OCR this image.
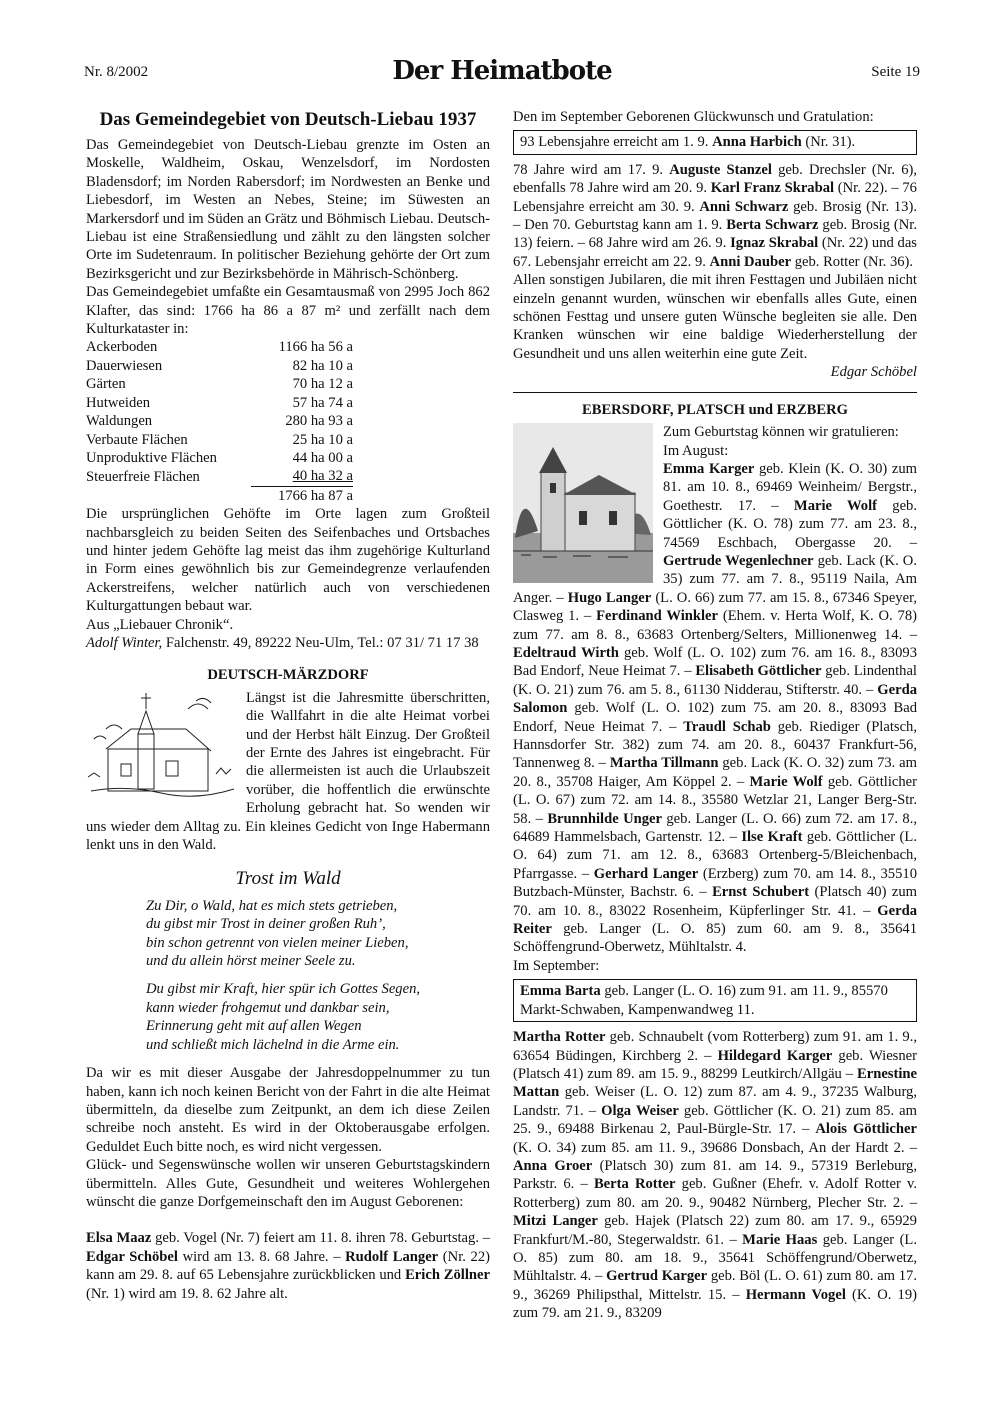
Nr. 8/2002	Der Heimatbote	Seite 19
Das Gemeindegebiet von Deutsch-Liebau 1937

Das Gemeindegebiet von Deutsch-Liebau grenzte im Osten an Moskelle, Waldheim, Oskau, Wenzelsdorf, im Nordosten Bladensdorf; im Norden Rabersdorf; im Nordwesten an Benke und Liebesdorf, im Westen an Nebes, Steine; im Süwesten an Markersdorf und im Süden an Grätz und Böhmisch Liebau. Deutsch-Liebau ist eine Straßensiedlung und zählt zu den längsten solcher Orte im Sudetenraum. In politischer Beziehung gehörte der Ort zum Bezirksgericht und zur Bezirksbehörde in Mährisch-Schönberg.

Das Gemeindegebiet umfaßte ein Gesamtausmaß von 2995 Joch 862 Klafter, das sind: 1766 ha 86 a 87 m² und zerfällt nach dem Kulturkataster in:

Ackerboden	1166 ha 56 a
Dauerwiesen	82 ha 10 a
Gärten	70 ha 12 a
Hutweiden	57 ha 74 a
Waldungen	280 ha 93 a
Verbaute Flächen	25 ha 10 a
Unproduktive Flächen	44 ha 00 a
Steuerfreie Flächen	40 ha 32 a
	1766 ha 87 a

Die ursprünglichen Gehöfte im Orte lagen zum Großteil nachbarsgleich zu beiden Seiten des Seifenbaches und Ortsbaches und hinter jedem Gehöfte lag meist das ihm zugehörige Kulturland in Form eines gewöhnlich bis zur Gemeindegrenze verlaufenden Ackerstreifens, welcher natürlich auch von verschiedenen Kulturgattungen bebaut war.

Aus „Liebauer Chronik“.

Adolf Winter, Falchenstr. 49, 89222 Neu-Ulm, Tel.: 07 31/ 71 17 38

DEUTSCH-MÄRZDORF
Längst ist die Jahresmitte überschritten, die Wallfahrt in die alte Heimat vorbei und der Herbst hält Einzug. Der Großteil der Ernte des Jahres ist eingebracht. Für die allermeisten ist auch die Urlaubszeit vorüber, die hoffentlich die erwünschte Erholung gebracht hat. So wenden wir uns wieder dem Alltag zu. Ein kleines Gedicht von Inge Habermann lenkt uns in den Wald.
Trost im Wald
Zu Dir, o Wald, hat es mich stets getrieben,
du gibst mir Trost in deiner großen Ruh’,
bin schon getrennt von vielen meiner Lieben,
und du allein hörst meiner Seele zu.
Du gibst mir Kraft, hier spür ich Gottes Segen,
kann wieder frohgemut und dankbar sein,
Erinnerung geht mit auf allen Wegen
und schließt mich lächelnd in die Arme ein.

Da wir es mit dieser Ausgabe der Jahresdoppelnummer zu tun haben, kann ich noch keinen Bericht von der Fahrt in die alte Heimat übermitteln, da dieselbe zum Zeitpunkt, an dem ich diese Zeilen schreibe noch ansteht. Es wird in der Oktoberausgabe erfolgen. Geduldet Euch bitte noch, es wird nicht vergessen.

Glück- und Segenswünsche wollen wir unseren Geburtstagskindern übermitteln. Alles Gute, Gesundheit und weiteres Wohlergehen wünscht die ganze Dorfgemeinschaft den im August Geborenen:

Elsa Maaz geb. Vogel (Nr. 7) feiert am 11. 8. ihren 78. Geburtstag. – Edgar Schöbel wird am 13. 8. 68 Jahre. – Rudolf Langer (Nr. 22) kann am 29. 8. auf 65 Lebensjahre zurückblicken und Erich Zöllner (Nr. 1) wird am 19. 8. 62 Jahre alt.

Den im September Geborenen Glückwunsch und Gratulation:

93 Lebensjahre erreicht am 1. 9. Anna Harbich (Nr. 31).

78 Jahre wird am 17. 9. Auguste Stanzel geb. Drechsler (Nr. 6), ebenfalls 78 Jahre wird am 20. 9. Karl Franz Skrabal (Nr. 22). – 76 Lebensjahre erreicht am 30. 9. Anni Schwarz geb. Brosig (Nr. 13). – Den 70. Geburtstag kann am 1. 9. Berta Schwarz geb. Brosig (Nr. 13) feiern. – 68 Jahre wird am 26. 9. Ignaz Skrabal (Nr. 22) und das 67. Lebensjahr erreicht am 22. 9. Anni Dauber geb. Rotter (Nr. 36).

Allen sonstigen Jubilaren, die mit ihren Festtagen und Jubiläen nicht einzeln genannt wurden, wünschen wir ebenfalls alles Gute, einen schönen Festtag und unsere guten Wünsche begleiten sie alle. Den Kranken wünschen wir eine baldige Wiederherstellung der Gesundheit und uns allen weiterhin eine gute Zeit.

Edgar Schöbel

EBERSDORF, PLATSCH und ERZBERG
Zum Geburtstag können wir gratulieren:
Im August:
Emma Karger geb. Klein (K. O. 30) zum 81. am 10. 8., 69469 Weinheim/ Bergstr., Goethestr. 17. – Marie Wolf geb. Göttlicher (K. O. 78) zum 77. am 23. 8., 74569 Eschbach, Obergasse 20. – Gertrude Wegenlechner geb. Lack (K. O. 35) zum 77. am 7. 8., 95119 Naila, Am Anger. – Hugo Langer (L. O. 66) zum 77. am 15. 8., 67346 Speyer, Clasweg 1. – Ferdinand Winkler (Ehem. v. Herta Wolf, K. O. 78) zum 77. am 8. 8., 63683 Ortenberg/Selters, Millionenweg 14. – Edeltraud Wirth geb. Wolf (L. O. 102) zum 76. am 16. 8., 83093 Bad Endorf, Neue Heimat 7. – Elisabeth Göttlicher geb. Lindenthal (K. O. 21) zum 76. am 5. 8., 61130 Nidderau, Stifterstr. 40. – Gerda Salomon geb. Wolf (L. O. 102) zum 75. am 20. 8., 83093 Bad Endorf, Neue Heimat 7. – Traudl Schab geb. Riediger (Platsch, Hannsdorfer Str. 382) zum 74. am 20. 8., 60437 Frankfurt-56, Tannenweg 8. – Martha Tillmann geb. Lack (K. O. 32) zum 73. am 20. 8., 35708 Haiger, Am Köppel 2. – Marie Wolf geb. Göttlicher (L. O. 67) zum 72. am 14. 8., 35580 Wetzlar 21, Langer Berg-Str. 58. – Brunnhilde Unger geb. Langer (L. O. 66) zum 72. am 17. 8., 64689 Hammelsbach, Gartenstr. 12. – Ilse Kraft geb. Göttlicher (L. O. 64) zum 71. am 12. 8., 63683 Ortenberg-5/Bleichenbach, Pfarrgasse. – Gerhard Langer (Erzberg) zum 70. am 14. 8., 35510 Butzbach-Münster, Bachstr. 6. – Ernst Schubert (Platsch 40) zum 70. am 10. 8., 83022 Rosenheim, Küpferlinger Str. 41. – Gerda Reiter geb. Langer (L. O. 85) zum 60. am 9. 8., 35641 Schöffengrund-Oberwetz, Mühltalstr. 4.

Im September:

Emma Barta geb. Langer (L. O. 16) zum 91. am 11. 9., 85570 Markt-Schwaben, Kampenwandweg 11.

Martha Rotter geb. Schnaubelt (vom Rotterberg) zum 91. am 1. 9., 63654 Büdingen, Kirchberg 2. – Hildegard Karger geb. Wiesner (Platsch 41) zum 89. am 15. 9., 88299 Leutkirch/Allgäu – Ernestine Mattan geb. Weiser (L. O. 12) zum 87. am 4. 9., 37235 Walburg, Landstr. 71. – Olga Weiser geb. Göttlicher (K. O. 21) zum 85. am 25. 9., 69488 Birkenau 2, Paul-Bürgle-Str. 17. – Alois Göttlicher (K. O. 34) zum 85. am 11. 9., 39686 Donsbach, An der Hardt 2. – Anna Groer (Platsch 30) zum 81. am 14. 9., 57319 Berleburg, Parkstr. 6. – Berta Rotter geb. Gußner (Ehefr. v. Adolf Rotter v. Rotterberg) zum 80. am 20. 9., 90482 Nürnberg, Plecher Str. 2. – Mitzi Langer geb. Hajek (Platsch 22) zum 80. am 17. 9., 65929 Frankfurt/M.-80, Stegerwaldstr. 61. – Marie Haas geb. Langer (L. O. 85) zum 80. am 18. 9., 35641 Schöffengrund/Oberwetz, Mühltalstr. 4. – Gertrud Karger geb. Böl (L. O. 61) zum 80. am 17. 9., 36269 Philipsthal, Mittelstr. 15. – Hermann Vogel (K. O. 19) zum 79. am 21. 9., 83209
